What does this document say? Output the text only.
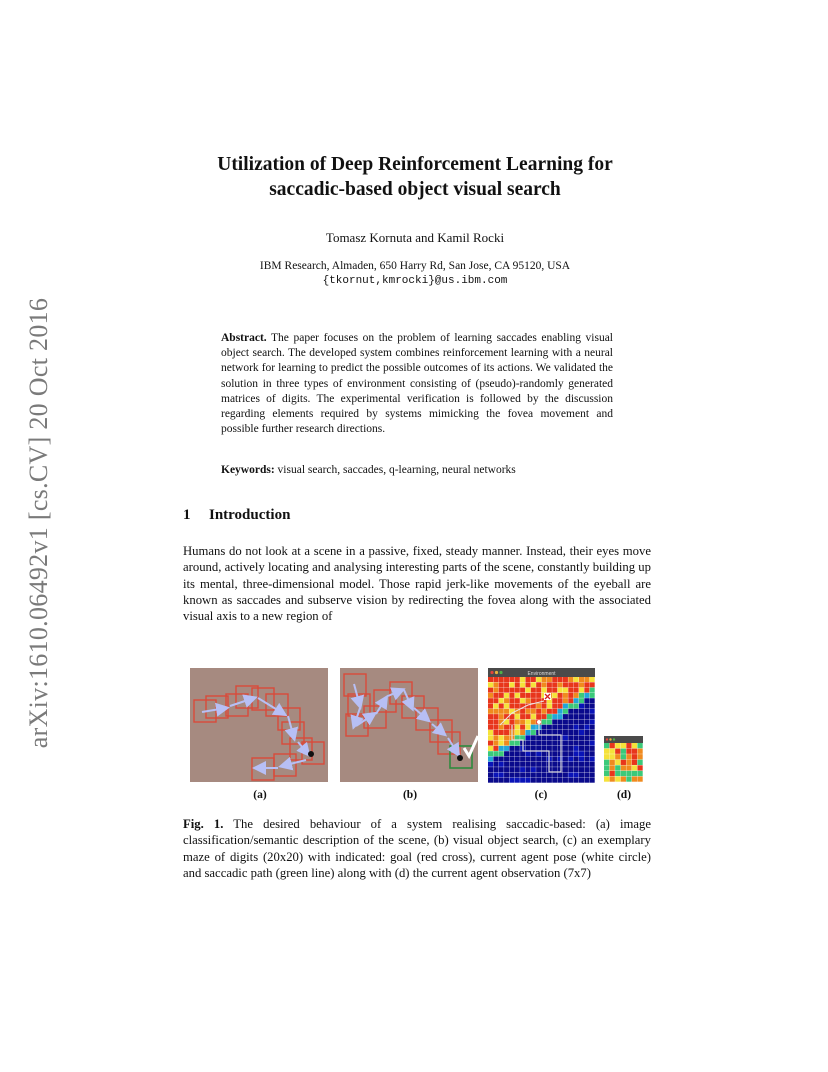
arXiv:1610.06492v1 [cs.CV] 20 Oct 2016
Utilization of Deep Reinforcement Learning for
saccadic-based object visual search
Tomasz Kornuta and Kamil Rocki
IBM Research, Almaden, 650 Harry Rd, San Jose, CA 95120, USA
{tkornut,kmrocki}@us.ibm.com
Abstract. The paper focuses on the problem of learning saccades enabling visual object search. The developed system combines reinforcement learning with a neural network for learning to predict the possible outcomes of its actions. We validated the solution in three types of environment consisting of (pseudo)-randomly generated matrices of digits. The experimental verification is followed by the discussion regarding elements required by systems mimicking the fovea movement and possible further research directions.
Keywords: visual search, saccades, q-learning, neural networks
1 Introduction
Humans do not look at a scene in a passive, fixed, steady manner. Instead, their eyes move around, actively locating and analysing interesting parts of the scene, constantly building up its mental, three-dimensional model. Those rapid jerk-like movements of the eyeball are known as saccades and subserve vision by redirecting the fovea along with the associated visual axis to a new region of
Environment
(a)	(b)	(c)	(d)
Fig. 1. The desired behaviour of a system realising saccadic-based: (a) image classification/semantic description of the scene, (b) visual object search, (c) an exemplary maze of digits (20x20) with indicated: goal (red cross), current agent pose (white circle) and saccadic path (green line) along with (d) the current agent observation (7x7)
